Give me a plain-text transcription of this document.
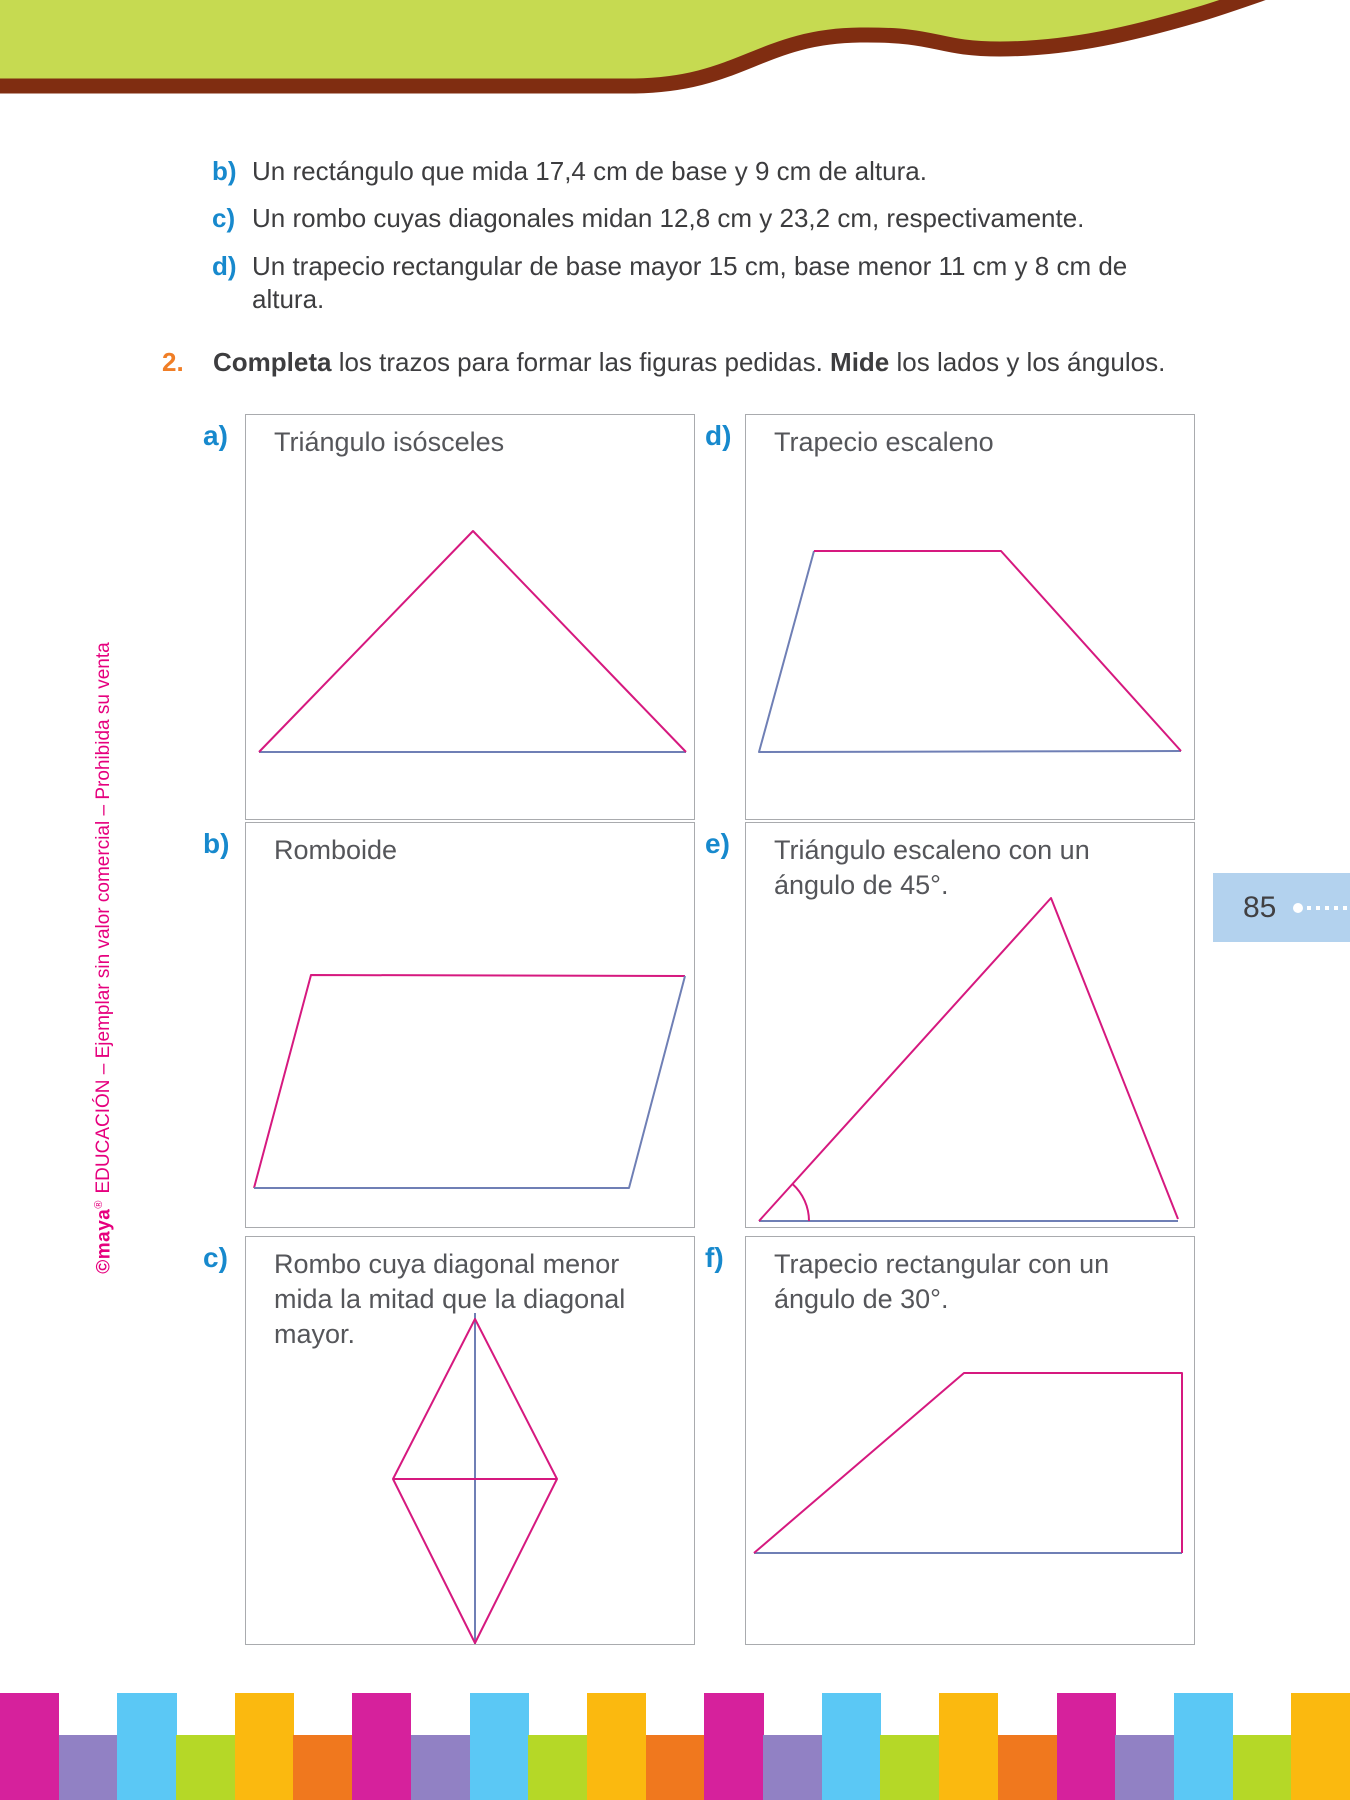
b) Un rectángulo que mida 17,4 cm de base y 9 cm de altura.
c) Un rombo cuyas diagonales midan 12,8 cm y 23,2 cm, respectivamente.
d) Un trapecio rectangular de base mayor 15 cm, base menor 11 cm y 8 cm de
altura.
2. Completa los trazos para formar las figuras pedidas. Mide los lados y los ángulos.
a)	d)
b)	e)
c)	f)
Triángulo isósceles	Trapecio escaleno
Romboide	Triángulo escaleno con un ángulo de 45°.
Rombo cuya diagonal menor mida la mitad que la diagonal mayor.
Trapecio rectangular con un ángulo de 30°.
©maya®EDUCACIÓN – Ejemplar sin valor comercial – Prohibida su venta	85
